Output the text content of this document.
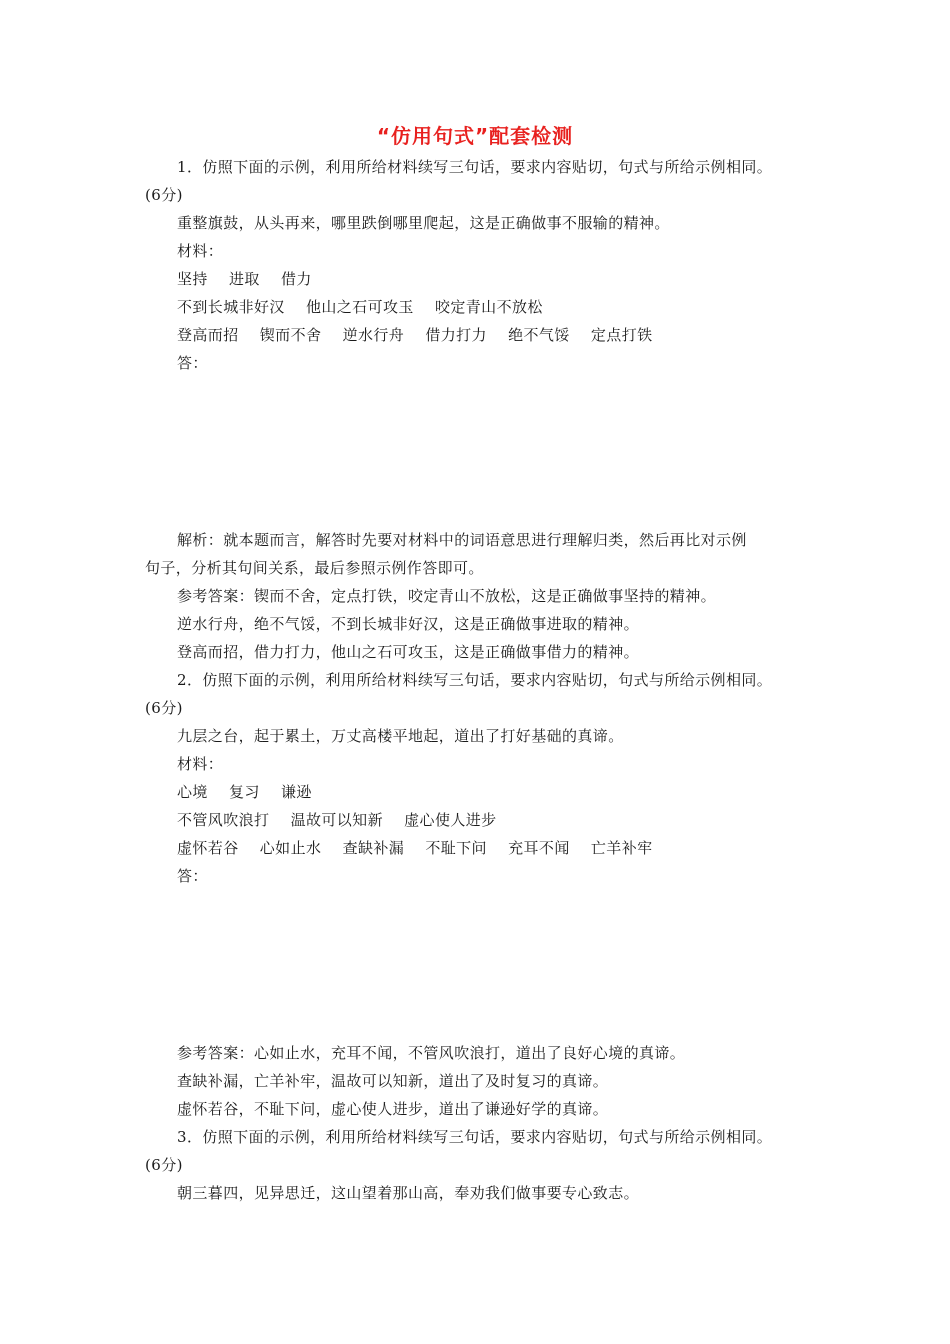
“仿用句式”配套检测
1．仿照下面的示例，利用所给材料续写三句话，要求内容贴切，句式与所给示例相同。
(6分)
重整旗鼓，从头再来，哪里跌倒哪里爬起，这是正确做事不服输的精神。
材料：
坚持 进取 借力
不到长城非好汉 他山之石可攻玉 咬定青山不放松
登高而招 锲而不舍 逆水行舟 借力打力 绝不气馁 定点打铁
答：
解析：就本题而言，解答时先要对材料中的词语意思进行理解归类，然后再比对示例
句子，分析其句间关系，最后参照示例作答即可。
参考答案：锲而不舍，定点打铁，咬定青山不放松，这是正确做事坚持的精神。
逆水行舟，绝不气馁，不到长城非好汉，这是正确做事进取的精神。
登高而招，借力打力，他山之石可攻玉，这是正确做事借力的精神。
2．仿照下面的示例，利用所给材料续写三句话，要求内容贴切，句式与所给示例相同。
(6分)
九层之台，起于累土，万丈高楼平地起，道出了打好基础的真谛。
材料：
心境 复习 谦逊
不管风吹浪打 温故可以知新 虚心使人进步
虚怀若谷 心如止水 查缺补漏 不耻下问 充耳不闻 亡羊补牢
答：
参考答案：心如止水，充耳不闻，不管风吹浪打，道出了良好心境的真谛。
查缺补漏，亡羊补牢，温故可以知新，道出了及时复习的真谛。
虚怀若谷，不耻下问，虚心使人进步，道出了谦逊好学的真谛。
3．仿照下面的示例，利用所给材料续写三句话，要求内容贴切，句式与所给示例相同。
(6分)
朝三暮四，见异思迁，这山望着那山高，奉劝我们做事要专心致志。
